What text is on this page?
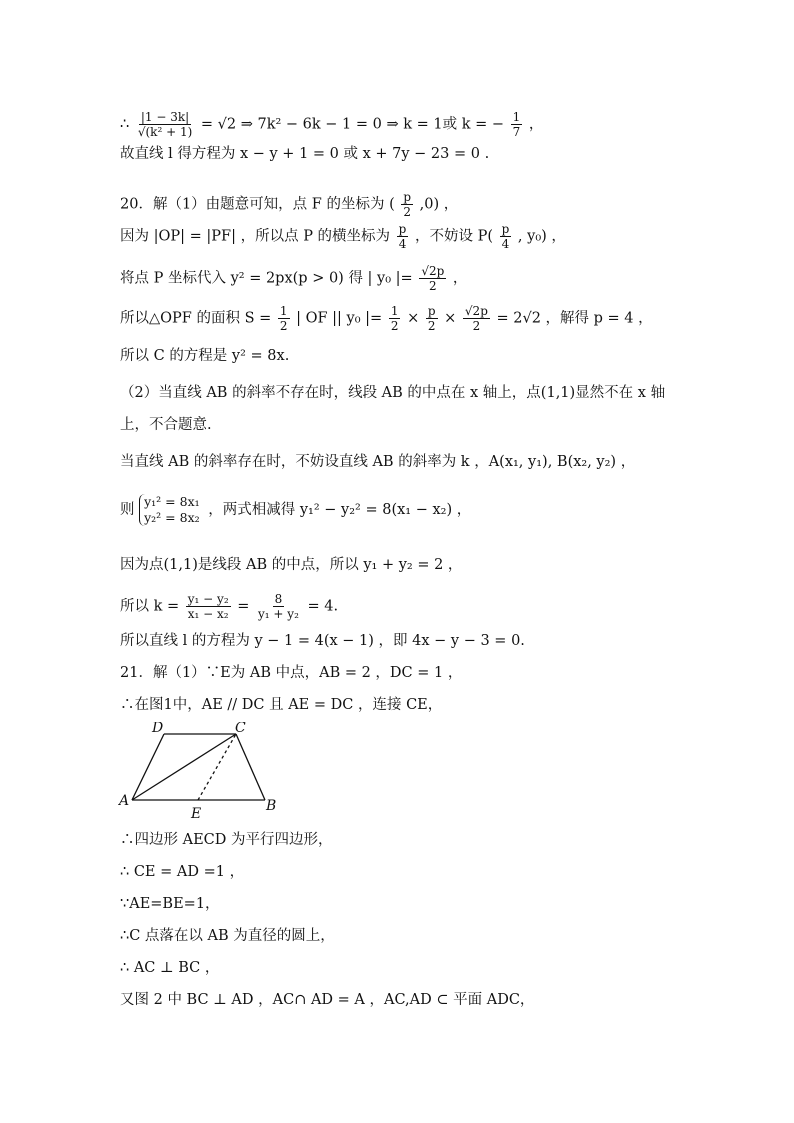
∴ $\frac{|1 - 3k|}{\text{√(k² + 1)}} = √2$ ⇒ 7k² − 6k − 1 = 0 ⇒ k = 1或 k = − $\frac{1}{7}$ ，
故直线 l 得方程为 x − y + 1 = 0 或 x + 7y − 23 = 0 .
20．解（1）由题意可知，点 F 的坐标为 ( $\frac{p}{2} ,0$) ，
因为 |OP| = |PF| ，所以点 P 的横坐标为 $\frac{p}{4}$ ，不妨设 $P( \frac{p}{4}$ , y₀) ，
将点 P 坐标代入 y² = 2px(p > 0) 得 | y₀ |= $\frac{√2p}{2}$ ，
所以△OPF 的面积 $S = \frac{1}{2}$ | OF || y₀ |= $\frac{1}{2} \times \frac{p}{2} \times \frac{√2p}{2} = 2√2$ ，解得 p = 4 ，
所以 C 的方程是 y² = 8x.
（2）当直线 AB 的斜率不存在时，线段 AB 的中点在 x 轴上，点(1,1)显然不在 x 轴上，不合题意.
当直线 AB 的斜率存在时，不妨设直线 AB 的斜率为 k ，A(x₁, y₁), B(x₂, y₂) ，
则
y₁² = 8x₁
y₂² = 8x₂ ，两式相减得 y₁² − y₂² = 8(x₁ − x₂) ，
因为点(1,1)是线段 AB 的中点，所以 y₁ + y₂ = 2 ，
所以 $k = \frac{\text{y₁ − y₂}}{\text{x₁ − x₂}} = \frac{8}{\text{y₁ + y₂}} = 4$.
所以直线 l 的方程为 y − 1 = 4(x − 1) ，即 4x − y − 3 = 0.
21．解（1）∵E为 AB 中点，AB = 2 ，DC = 1 ，
∴在图1中，AE // DC 且 AE = DC ，连接 CE，
D	C
A	B
E
∴四边形 AECD 为平行四边形，
∴ CE = AD =1 ，
∵AE=BE=1，
∴C 点落在以 AB 为直径的圆上，
∴ AC ⊥ BC ，
又图 2 中 BC ⊥ AD ，AC∩ AD = A ，AC,AD ⊂ 平面 ADC，
